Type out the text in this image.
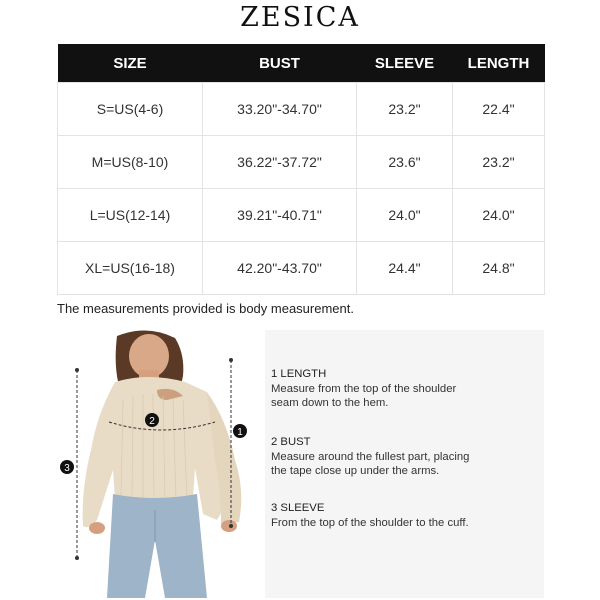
ZESICA
SIZE	BUST	SLEEVE	LENGTH
S=US(4-6)	33.20"-34.70"	23.2"	22.4"
M=US(8-10)	36.22"-37.72"	23.6"	23.2"
L=US(12-14)	39.21"-40.71"	24.0"	24.0"
XL=US(16-18)	42.20"-43.70"	24.4"	24.8"
The measurements provided is body measurement.
1
2
3
1 LENGTH
Measure from the top of the shoulder
seam down to the hem.
2 BUST
Measure around the fullest part, placing
the tape close up under the arms.
3 SLEEVE
From the top of the shoulder to the cuff.
